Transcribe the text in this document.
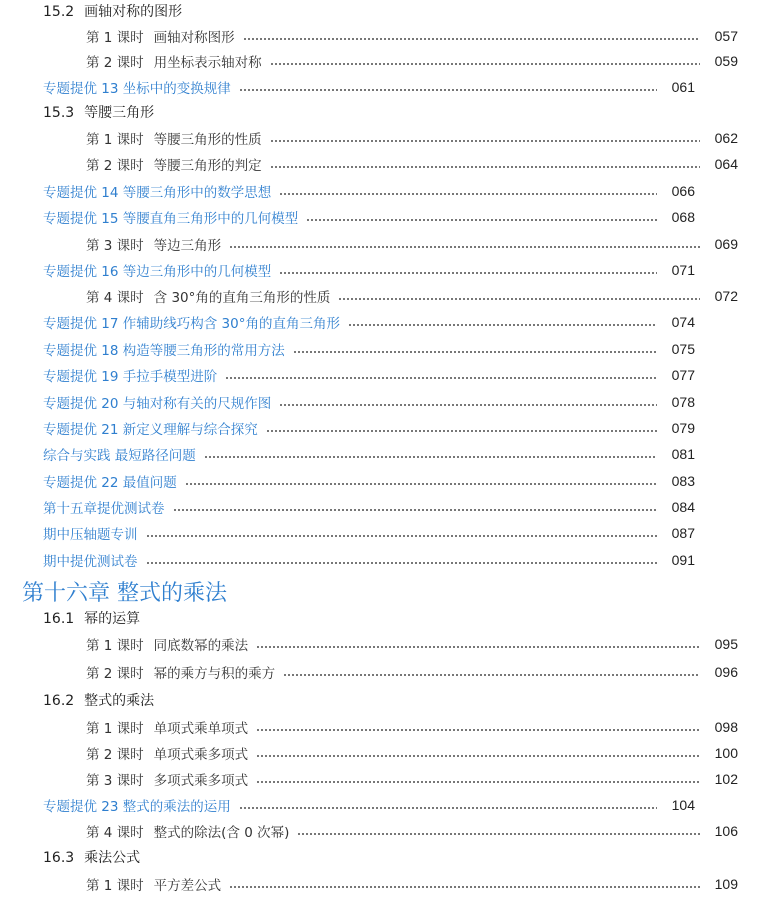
15.2 画轴对称的图形
第 1 课时 画轴对称图形	057
第 2 课时 用坐标表示轴对称	059
专题提优 13 坐标中的变换规律	061
15.3 等腰三角形
第 1 课时 等腰三角形的性质	062
第 2 课时 等腰三角形的判定	064
专题提优 14 等腰三角形中的数学思想	066
专题提优 15 等腰直角三角形中的几何模型	068
第 3 课时 等边三角形	069
专题提优 16 等边三角形中的几何模型	071
第 4 课时 含 30°角的直角三角形的性质	072
专题提优 17 作辅助线巧构含 30°角的直角三角形	074
专题提优 18 构造等腰三角形的常用方法	075
专题提优 19 手拉手模型进阶	077
专题提优 20 与轴对称有关的尺规作图	078
专题提优 21 新定义理解与综合探究	079
综合与实践 最短路径问题	081
专题提优 22 最值问题	083
第十五章提优测试卷	084
期中压轴题专训	087
期中提优测试卷	091
第十六章 整式的乘法
16.1 幂的运算
第 1 课时 同底数幂的乘法	095
第 2 课时 幂的乘方与积的乘方	096
16.2 整式的乘法
第 1 课时 单项式乘单项式	098
第 2 课时 单项式乘多项式	100
第 3 课时 多项式乘多项式	102
专题提优 23 整式的乘法的运用	104
第 4 课时 整式的除法(含 0 次幂)	106
16.3 乘法公式
第 1 课时 平方差公式	109
